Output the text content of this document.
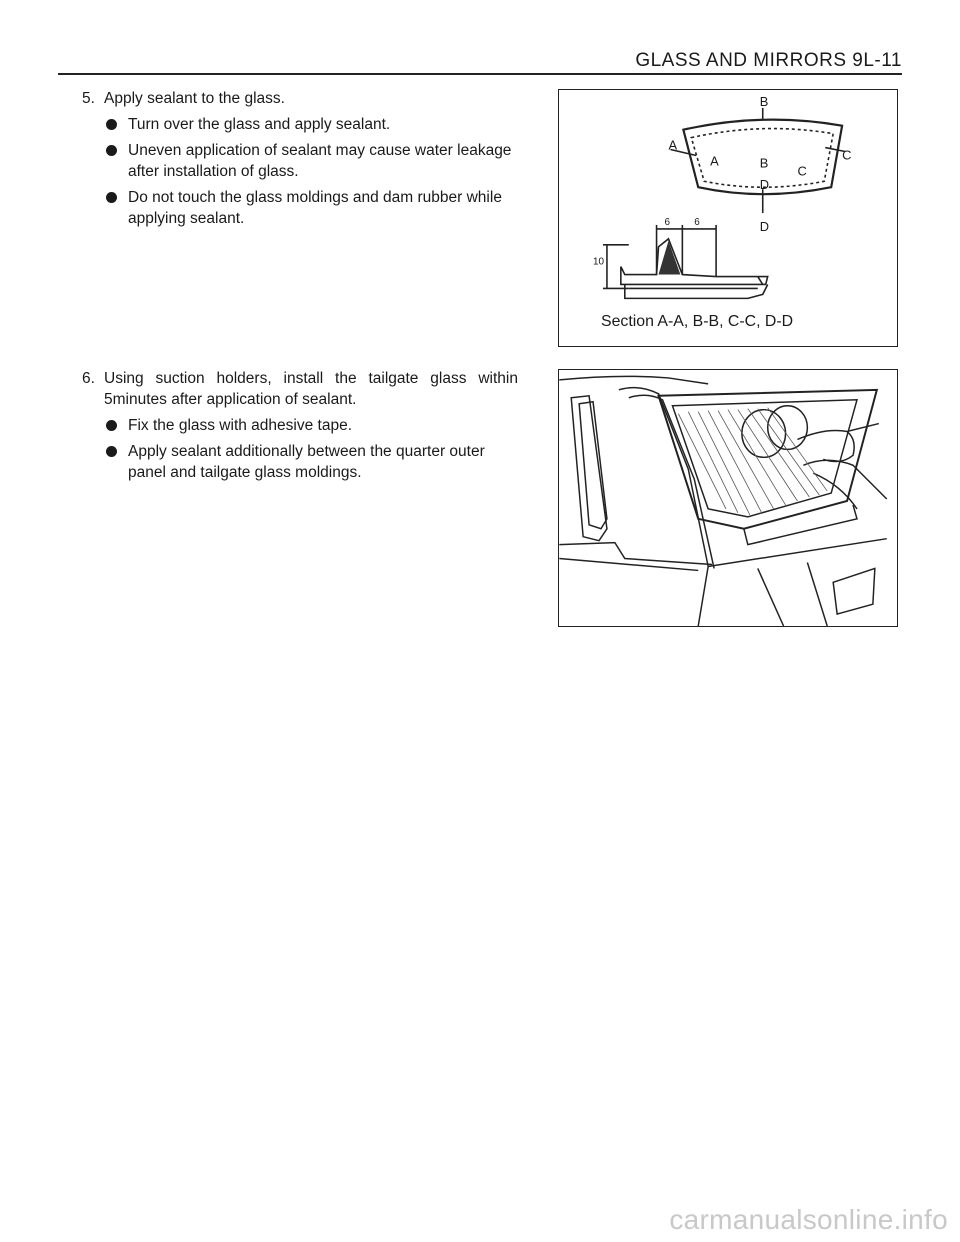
GLASS AND MIRRORS 9L-11
5. Apply sealant to the glass.
Turn over the glass and apply sealant.
Uneven application of sealant may cause water leakage after installation of glass.
Do not touch the glass moldings and dam rubber while applying sealant.
6. Using suction holders, install the tailgate glass within 5minutes after application of sealant.
Fix the glass with adhesive tape.
Apply sealant additionally between the quarter outer panel and tailgate glass moldings.
B
A
A	B
C
C
D
D
6 6
10
Section A-A, B-B, C-C, D-D
carmanualsonline.info
